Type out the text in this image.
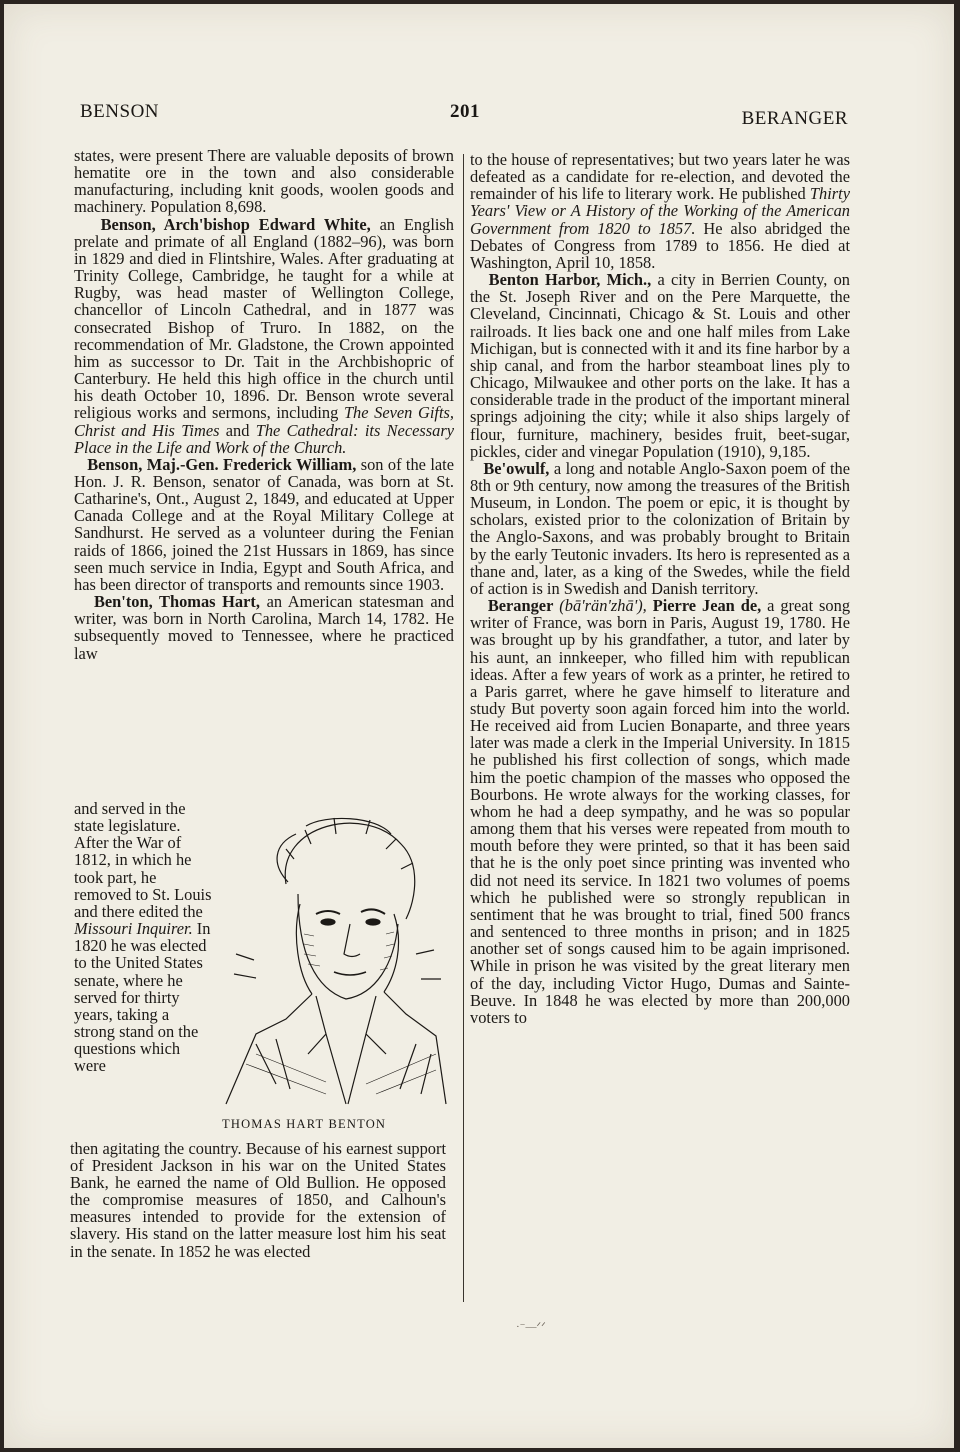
BENSON	201	BERANGER

states, were present There are valuable deposits of brown hematite ore in the town and also considerable manufacturing, including knit goods, woolen goods and machinery. Population 8,698.

Benson, Arch'bishop Edward White, an English prelate and primate of all England (1882–96), was born in 1829 and died in Flintshire, Wales. After graduating at Trinity College, Cambridge, he taught for a while at Rugby, was head master of Wellington College, chancellor of Lincoln Cathedral, and in 1877 was consecrated Bishop of Truro. In 1882, on the recommendation of Mr. Gladstone, the Crown appointed him as successor to Dr. Tait in the Archbishopric of Canterbury. He held this high office in the church until his death October 10, 1896. Dr. Benson wrote several religious works and sermons, including The Seven Gifts, Christ and His Times and The Cathedral: its Necessary Place in the Life and Work of the Church.

Benson, Maj.-Gen. Frederick William, son of the late Hon. J. R. Benson, senator of Canada, was born at St. Catharine's, Ont., August 2, 1849, and educated at Upper Canada College and at the Royal Military College at Sandhurst. He served as a volunteer during the Fenian raids of 1866, joined the 21st Hussars in 1869, has since seen much service in India, Egypt and South Africa, and has been director of transports and remounts since 1903.

Ben'ton, Thomas Hart, an American statesman and writer, was born in North Carolina, March 14, 1782. He subsequently moved to Tennessee, where he practiced law

and served in the state legislature. After the War of 1812, in which he took part, he removed to St. Louis and there edited the Missouri Inquirer. In 1820 he was elected to the United States senate, where he served for thirty years, taking a strong stand on the questions which were
THOMAS HART BENTON
then agitating the country. Because of his earnest support of President Jackson in his war on the United States Bank, he earned the name of Old Bullion. He opposed the compromise measures of 1850, and Calhoun's measures intended to provide for the extension of slavery. His stand on the latter measure lost him his seat in the senate. In 1852 he was elected

to the house of representatives; but two years later he was defeated as a candidate for re-election, and devoted the remainder of his life to literary work. He published Thirty Years' View or A History of the Working of the American Government from 1820 to 1857. He also abridged the Debates of Congress from 1789 to 1856. He died at Washington, April 10, 1858.

Benton Harbor, Mich., a city in Berrien County, on the St. Joseph River and on the Pere Marquette, the Cleveland, Cincinnati, Chicago & St. Louis and other railroads. It lies back one and one half miles from Lake Michigan, but is connected with it and its fine harbor by a ship canal, and from the harbor steamboat lines ply to Chicago, Milwaukee and other ports on the lake. It has a considerable trade in the product of the important mineral springs adjoining the city; while it also ships largely of flour, furniture, machinery, besides fruit, beet-sugar, pickles, cider and vinegar Population (1910), 9,185.

Be'owulf, a long and notable Anglo-Saxon poem of the 8th or 9th century, now among the treasures of the British Museum, in London. The poem or epic, it is thought by scholars, existed prior to the colonization of Britain by the Anglo-Saxons, and was probably brought to Britain by the early Teutonic invaders. Its hero is represented as a thane and, later, as a king of the Swedes, while the field of action is in Swedish and Danish territory.

Beranger (bā'rän'zhā'), Pierre Jean de, a great song writer of France, was born in Paris, August 19, 1780. He was brought up by his grandfather, a tutor, and later by his aunt, an innkeeper, who filled him with republican ideas. After a few years of work as a printer, he retired to a Paris garret, where he gave himself to literature and study But poverty soon again forced him into the world. He received aid from Lucien Bonaparte, and three years later was made a clerk in the Imperial University. In 1815 he published his first collection of songs, which made him the poetic champion of the masses who opposed the Bourbons. He wrote always for the working classes, for whom he had a deep sympathy, and he was so popular among them that his verses were repeated from mouth to mouth before they were printed, so that it has been said that he is the only poet since printing was invented who did not need its service. In 1821 two volumes of poems which he published were so strongly republican in sentiment that he was brought to trial, fined 500 francs and sentenced to three months in prison; and in 1825 another set of songs caused him to be again imprisoned. While in prison he was visited by the great literary men of the day, including Victor Hugo, Dumas and Sainte-Beuve. In 1848 he was elected by more than 200,000 voters to

·⁻—ᐟᐟ
